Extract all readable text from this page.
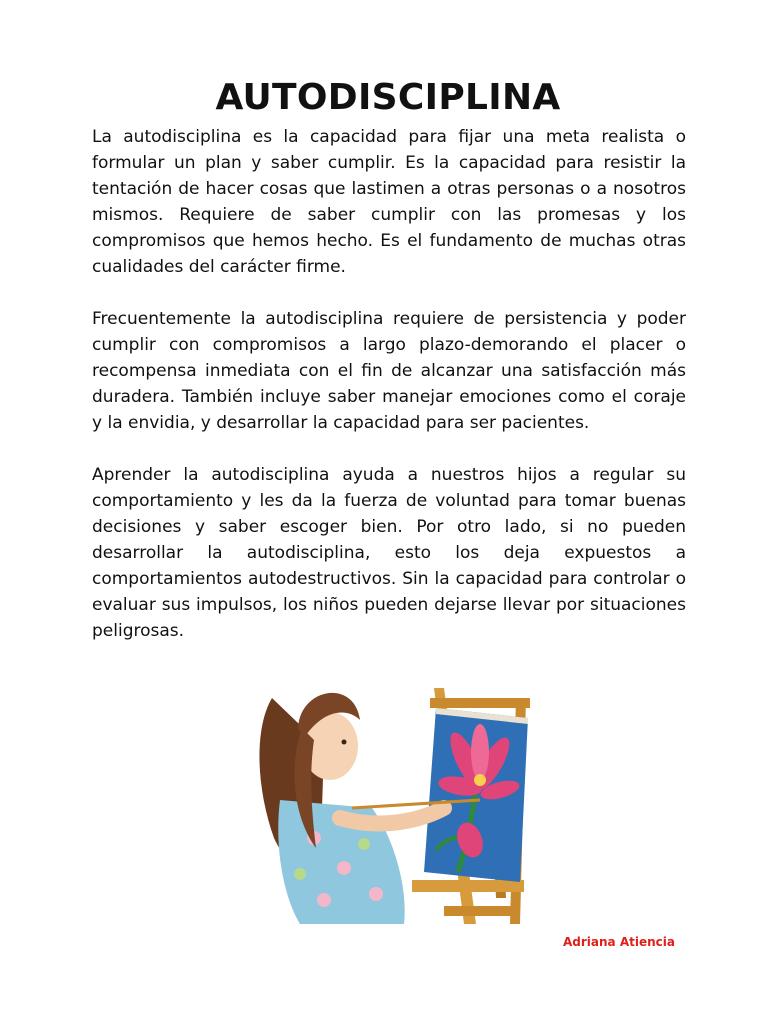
AUTODISCIPLINA

La autodisciplina es la capacidad para fijar una meta realista o formular un plan y saber cumplir. Es la capacidad para resistir la tentación de hacer cosas que lastimen a otras personas o a nosotros mismos. Requiere de saber cumplir con las promesas y los compromisos que hemos hecho. Es el fundamento de muchas otras cualidades del carácter firme.

Frecuentemente la autodisciplina requiere de persistencia y poder cumplir con compromisos a largo plazo-demorando el placer o recompensa inmediata con el fin de alcanzar una satisfacción más duradera. También incluye saber manejar emociones como el coraje y la envidia, y desarrollar la capacidad para ser pacientes.

Aprender la autodisciplina ayuda a nuestros hijos a regular su comportamiento y les da la fuerza de voluntad para tomar buenas decisiones y saber escoger bien. Por otro lado, si no pueden desarrollar la autodisciplina, esto los deja expuestos a comportamientos autodestructivos. Sin la capacidad para controlar o evaluar sus impulsos, los niños pueden dejarse llevar por situaciones peligrosas.

Adriana Atiencia
